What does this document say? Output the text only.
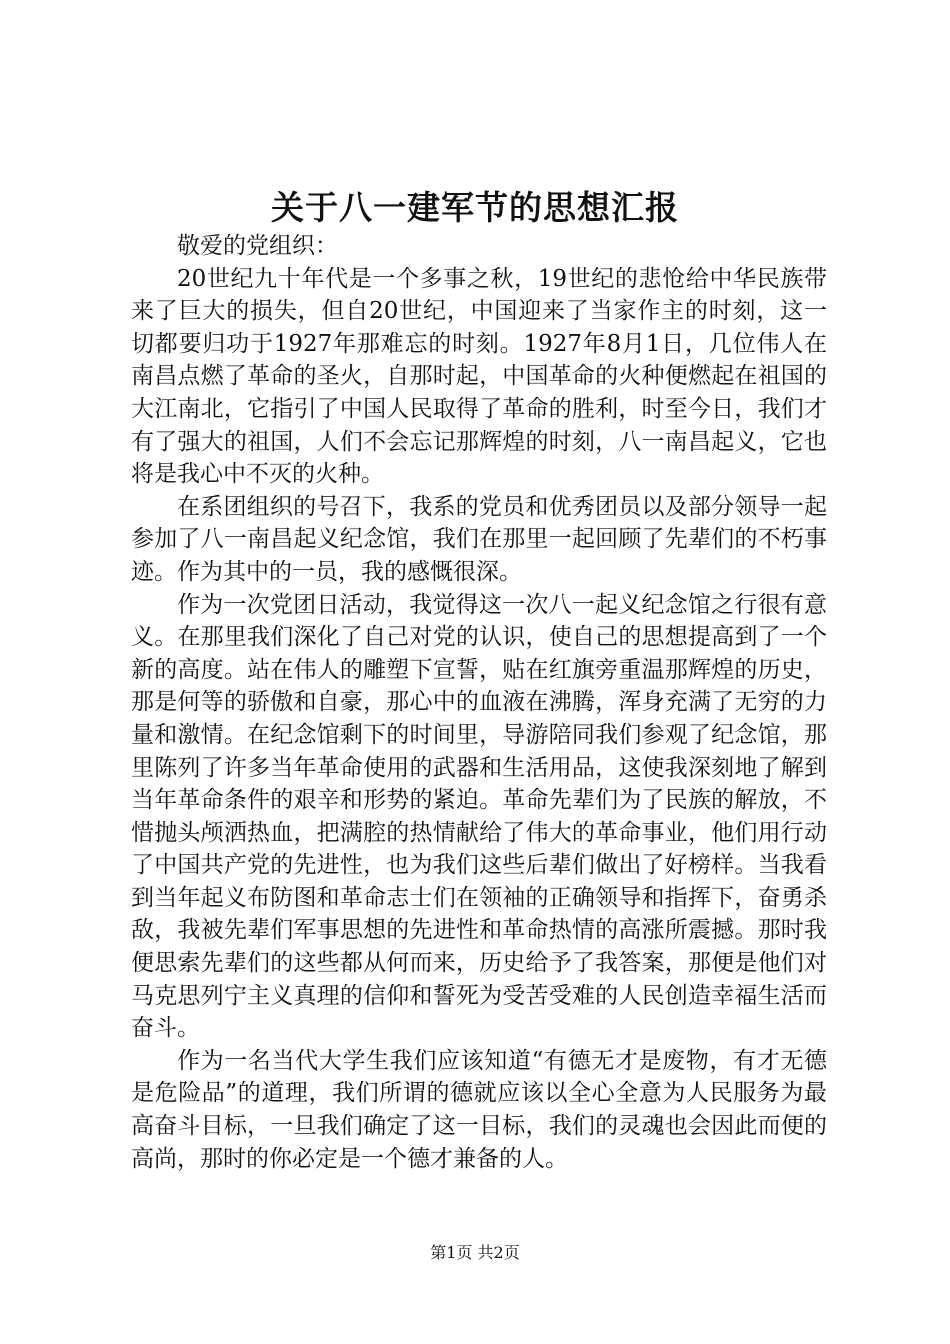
关于八一建军节的思想汇报

敬爱的党组织：

20世纪九十年代是一个多事之秋，19世纪的悲怆给中华民族带来了巨大的损失，但自20世纪，中国迎来了当家作主的时刻，这一切都要归功于1927年那难忘的时刻。1927年8月1日，几位伟人在南昌点燃了革命的圣火，自那时起，中国革命的火种便燃起在祖国的大江南北，它指引了中国人民取得了革命的胜利，时至今日，我们才有了强大的祖国，人们不会忘记那辉煌的时刻，八一南昌起义，它也将是我心中不灭的火种。

在系团组织的号召下，我系的党员和优秀团员以及部分领导一起参加了八一南昌起义纪念馆，我们在那里一起回顾了先辈们的不朽事迹。作为其中的一员，我的感慨很深。

作为一次党团日活动，我觉得这一次八一起义纪念馆之行很有意义。在那里我们深化了自己对党的认识，使自己的思想提高到了一个新的高度。站在伟人的雕塑下宣誓，贴在红旗旁重温那辉煌的历史，那是何等的骄傲和自豪，那心中的血液在沸腾，浑身充满了无穷的力量和激情。在纪念馆剩下的时间里，导游陪同我们参观了纪念馆，那里陈列了许多当年革命使用的武器和生活用品，这使我深刻地了解到当年革命条件的艰辛和形势的紧迫。革命先辈们为了民族的解放，不惜抛头颅洒热血，把满腔的热情献给了伟大的革命事业，他们用行动了中国共产党的先进性，也为我们这些后辈们做出了好榜样。当我看到当年起义布防图和革命志士们在领袖的正确领导和指挥下，奋勇杀敌，我被先辈们军事思想的先进性和革命热情的高涨所震撼。那时我便思索先辈们的这些都从何而来，历史给予了我答案，那便是他们对马克思列宁主义真理的信仰和誓死为受苦受难的人民创造幸福生活而奋斗。

作为一名当代大学生我们应该知道“有德无才是废物，有才无德是危险品”的道理，我们所谓的德就应该以全心全意为人民服务为最高奋斗目标，一旦我们确定了这一目标，我们的灵魂也会因此而便的高尚，那时的你必定是一个德才兼备的人。

第1页 共2页
